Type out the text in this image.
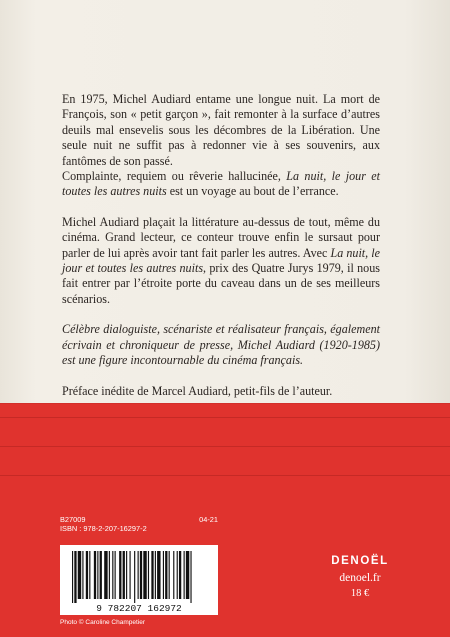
En 1975, Michel Audiard entame une longue nuit. La mort de François, son « petit garçon », fait remonter à la surface d’autres deuils mal ensevelis sous les décombres de la Libération. Une seule nuit ne suffit pas à redonner vie à ses souvenirs, aux fantômes de son passé.

Complainte, requiem ou rêverie hallucinée, La nuit, le jour et toutes les autres nuits est un voyage au bout de l’errance.

Michel Audiard plaçait la littérature au-dessus de tout, même du cinéma. Grand lecteur, ce conteur trouve enfin le sursaut pour parler de lui après avoir tant fait parler les autres. Avec La nuit, le jour et toutes les autres nuits, prix des Quatre Jurys 1979, il nous fait entrer par l’étroite porte du caveau dans un de ses meilleurs scénarios.

Célèbre dialoguiste, scénariste et réalisateur français, également écrivain et chroniqueur de presse, Michel Audiard (1920-1985) est une figure incontournable du cinéma français.

Préface inédite de Marcel Audiard, petit-fils de l’auteur.

B27009	04-21
ISBN : 978-2-207-16297-2
9 782207 162972
Photo © Caroline Champetier
DENOËL
denoel.fr
18 €
